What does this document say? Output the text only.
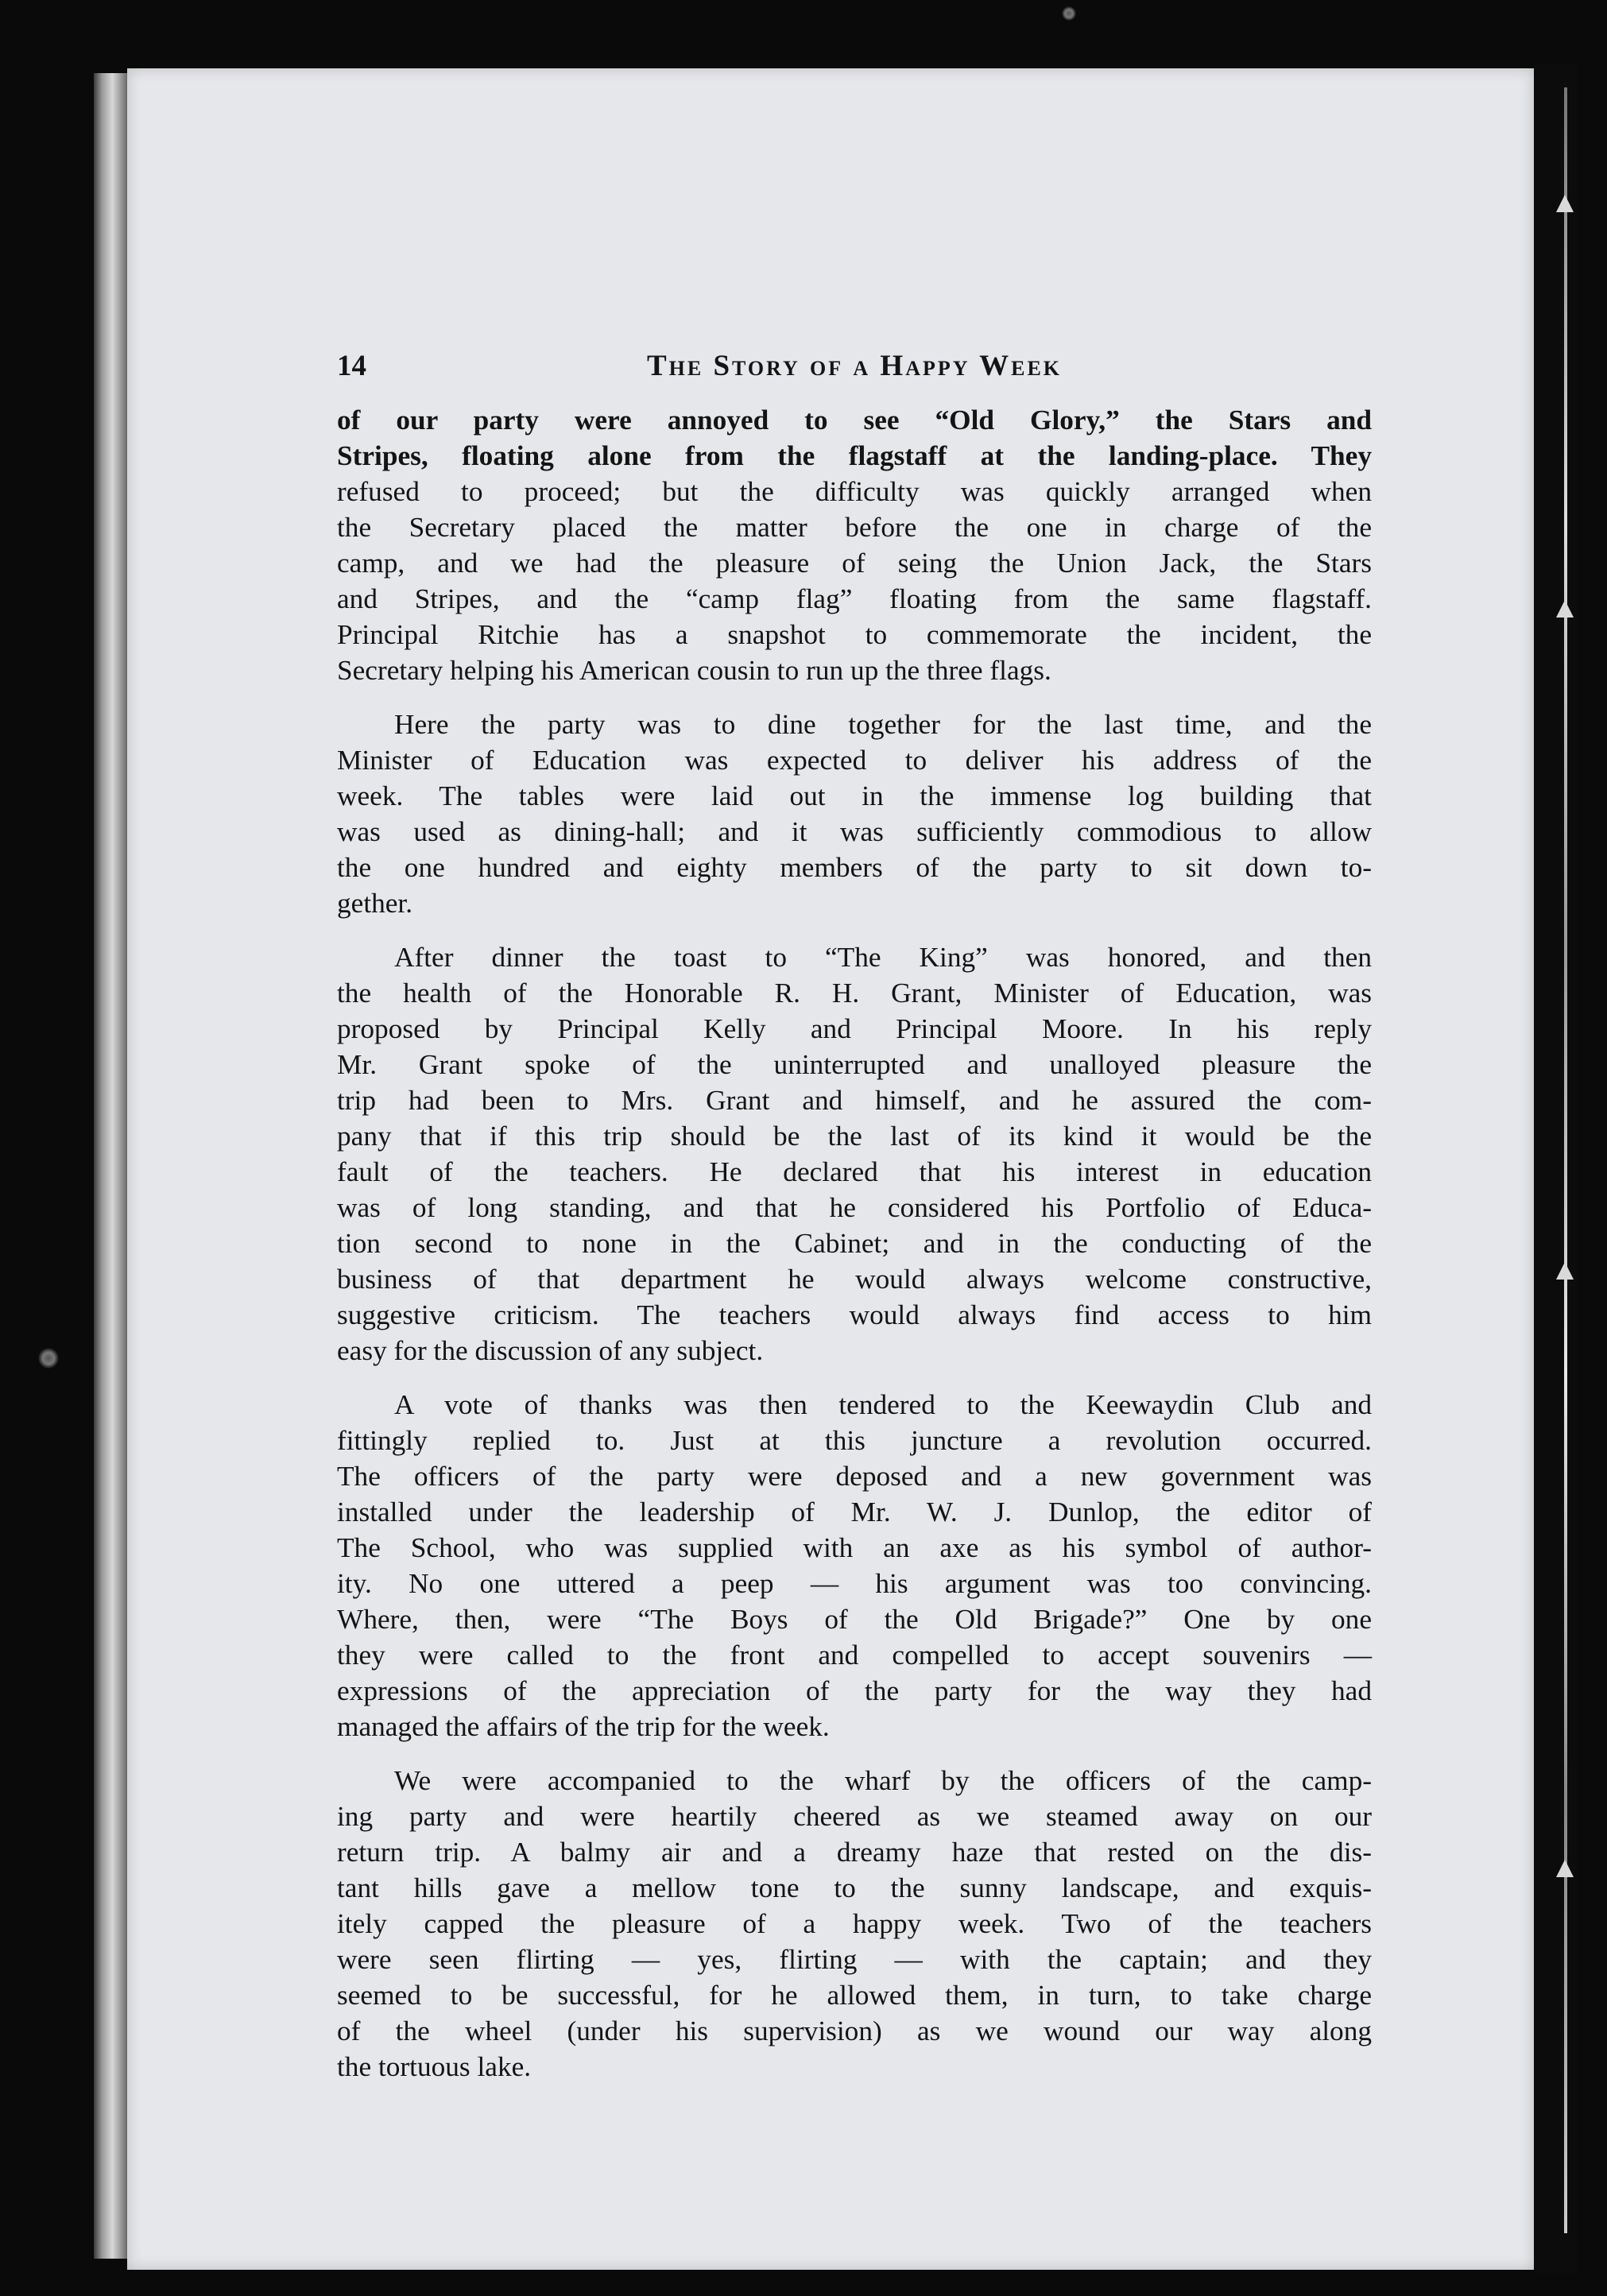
14	The Story of a Happy Week
of our party were annoyed to see “Old Glory,” the Stars and
Stripes, floating alone from the flagstaff at the landing-place. They
refused to proceed; but the difficulty was quickly arranged when
the Secretary placed the matter before the one in charge of the
camp, and we had the pleasure of seing the Union Jack, the Stars
and Stripes, and the “camp flag” floating from the same flagstaff.
Principal Ritchie has a snapshot to commemorate the incident, the
Secretary helping his American cousin to run up the three flags.
Here the party was to dine together for the last time, and the
Minister of Education was expected to deliver his address of the
week. The tables were laid out in the immense log building that
was used as dining-hall; and it was sufficiently commodious to allow
the one hundred and eighty members of the party to sit down to-
gether.
After dinner the toast to “The King” was honored, and then
the health of the Honorable R. H. Grant, Minister of Education, was
proposed by Principal Kelly and Principal Moore. In his reply
Mr. Grant spoke of the uninterrupted and unalloyed pleasure the
trip had been to Mrs. Grant and himself, and he assured the com-
pany that if this trip should be the last of its kind it would be the
fault of the teachers. He declared that his interest in education
was of long standing, and that he considered his Portfolio of Educa-
tion second to none in the Cabinet; and in the conducting of the
business of that department he would always welcome constructive,
suggestive criticism. The teachers would always find access to him
easy for the discussion of any subject.
A vote of thanks was then tendered to the Keewaydin Club and
fittingly replied to. Just at this juncture a revolution occurred.
The officers of the party were deposed and a new government was
installed under the leadership of Mr. W. J. Dunlop, the editor of
The School, who was supplied with an axe as his symbol of author-
ity. No one uttered a peep — his argument was too convincing.
Where, then, were “The Boys of the Old Brigade?” One by one
they were called to the front and compelled to accept souvenirs —
expressions of the appreciation of the party for the way they had
managed the affairs of the trip for the week.
We were accompanied to the wharf by the officers of the camp-
ing party and were heartily cheered as we steamed away on our
return trip. A balmy air and a dreamy haze that rested on the dis-
tant hills gave a mellow tone to the sunny landscape, and exquis-
itely capped the pleasure of a happy week. Two of the teachers
were seen flirting — yes, flirting — with the captain; and they
seemed to be successful, for he allowed them, in turn, to take charge
of the wheel (under his supervision) as we wound our way along
the tortuous lake.
